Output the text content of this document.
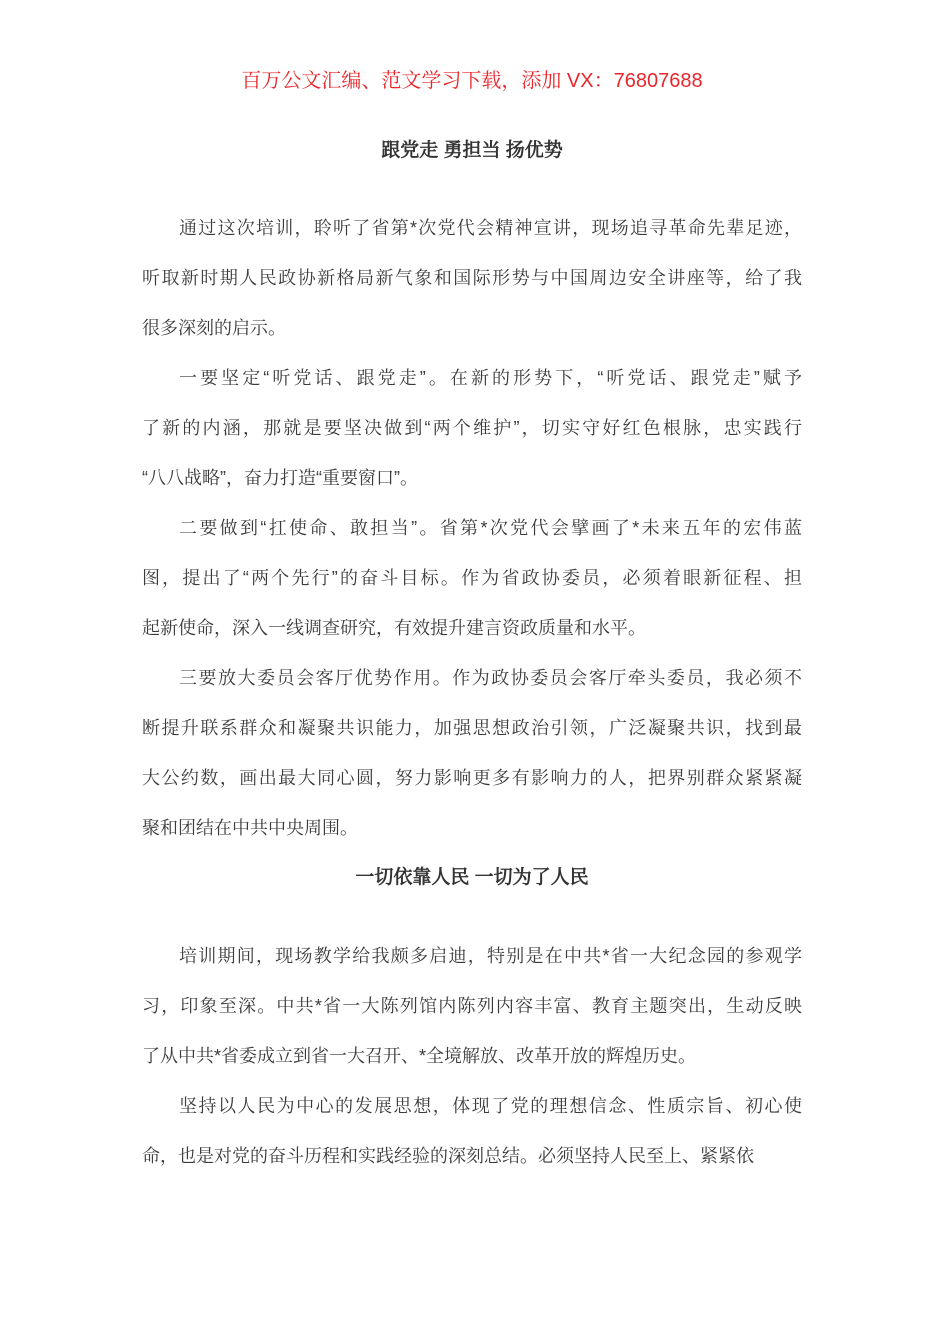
百万公文汇编、范文学习下载，添加 VX：76807688
跟党走 勇担当 扬优势
通过这次培训，聆听了省第*次党代会精神宣讲，现场追寻革命先辈足迹，
听取新时期人民政协新格局新气象和国际形势与中国周边安全讲座等，给了我
很多深刻的启示。
一要坚定“听党话、跟党走”。在新的形势下，“听党话、跟党走”赋予
了新的内涵，那就是要坚决做到“两个维护”，切实守好红色根脉，忠实践行
“八八战略”，奋力打造“重要窗口”。
二要做到“扛使命、敢担当”。省第*次党代会擘画了*未来五年的宏伟蓝
图，提出了“两个先行”的奋斗目标。作为省政协委员，必须着眼新征程、担
起新使命，深入一线调查研究，有效提升建言资政质量和水平。
三要放大委员会客厅优势作用。作为政协委员会客厅牵头委员，我必须不
断提升联系群众和凝聚共识能力，加强思想政治引领，广泛凝聚共识，找到最
大公约数，画出最大同心圆，努力影响更多有影响力的人，把界别群众紧紧凝
聚和团结在中共中央周围。
一切依靠人民 一切为了人民
培训期间，现场教学给我颇多启迪，特别是在中共*省一大纪念园的参观学
习，印象至深。中共*省一大陈列馆内陈列内容丰富、教育主题突出，生动反映
了从中共*省委成立到省一大召开、*全境解放、改革开放的辉煌历史。
坚持以人民为中心的发展思想，体现了党的理想信念、性质宗旨、初心使
命，也是对党的奋斗历程和实践经验的深刻总结。必须坚持人民至上、紧紧依
